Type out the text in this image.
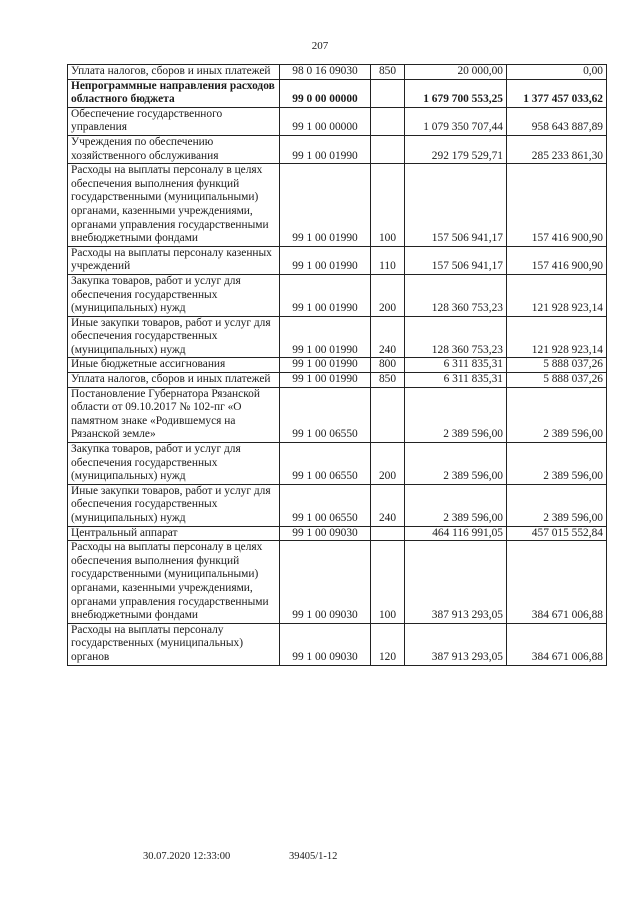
207
Уплата налогов, сборов и иных платежей	98 0 16 09030	850	20 000,00	0,00
Непрограммные направления расходов областного бюджета	99 0 00 00000		1 679 700 553,25	1 377 457 033,62
Обеспечение государственного управления	99 1 00 00000		1 079 350 707,44	958 643 887,89
Учреждения по обеспечению хозяйственного обслуживания	99 1 00 01990		292 179 529,71	285 233 861,30
Расходы на выплаты персоналу в целях обеспечения выполнения функций государственными (муниципальными) органами, казенными учреждениями, органами управления государственными внебюджетными фондами	99 1 00 01990	100	157 506 941,17	157 416 900,90
Расходы на выплаты персоналу казенных учреждений	99 1 00 01990	110	157 506 941,17	157 416 900,90
Закупка товаров, работ и услуг для обеспечения государственных (муниципальных) нужд	99 1 00 01990	200	128 360 753,23	121 928 923,14
Иные закупки товаров, работ и услуг для обеспечения государственных (муниципальных) нужд	99 1 00 01990	240	128 360 753,23	121 928 923,14
Иные бюджетные ассигнования	99 1 00 01990	800	6 311 835,31	5 888 037,26
Уплата налогов, сборов и иных платежей	99 1 00 01990	850	6 311 835,31	5 888 037,26
Постановление Губернатора Рязанской области от 09.10.2017 № 102-пг «О памятном знаке «Родившемуся на Рязанской земле»	99 1 00 06550		2 389 596,00	2 389 596,00
Закупка товаров, работ и услуг для обеспечения государственных (муниципальных) нужд	99 1 00 06550	200	2 389 596,00	2 389 596,00
Иные закупки товаров, работ и услуг для обеспечения государственных (муниципальных) нужд	99 1 00 06550	240	2 389 596,00	2 389 596,00
Центральный аппарат	99 1 00 09030		464 116 991,05	457 015 552,84
Расходы на выплаты персоналу в целях обеспечения выполнения функций государственными (муниципальными) органами, казенными учреждениями, органами управления государственными внебюджетными фондами	99 1 00 09030	100	387 913 293,05	384 671 006,88
Расходы на выплаты персоналу государственных (муниципальных) органов	99 1 00 09030	120	387 913 293,05	384 671 006,88
30.07.2020 12:33:00	39405/1-12
